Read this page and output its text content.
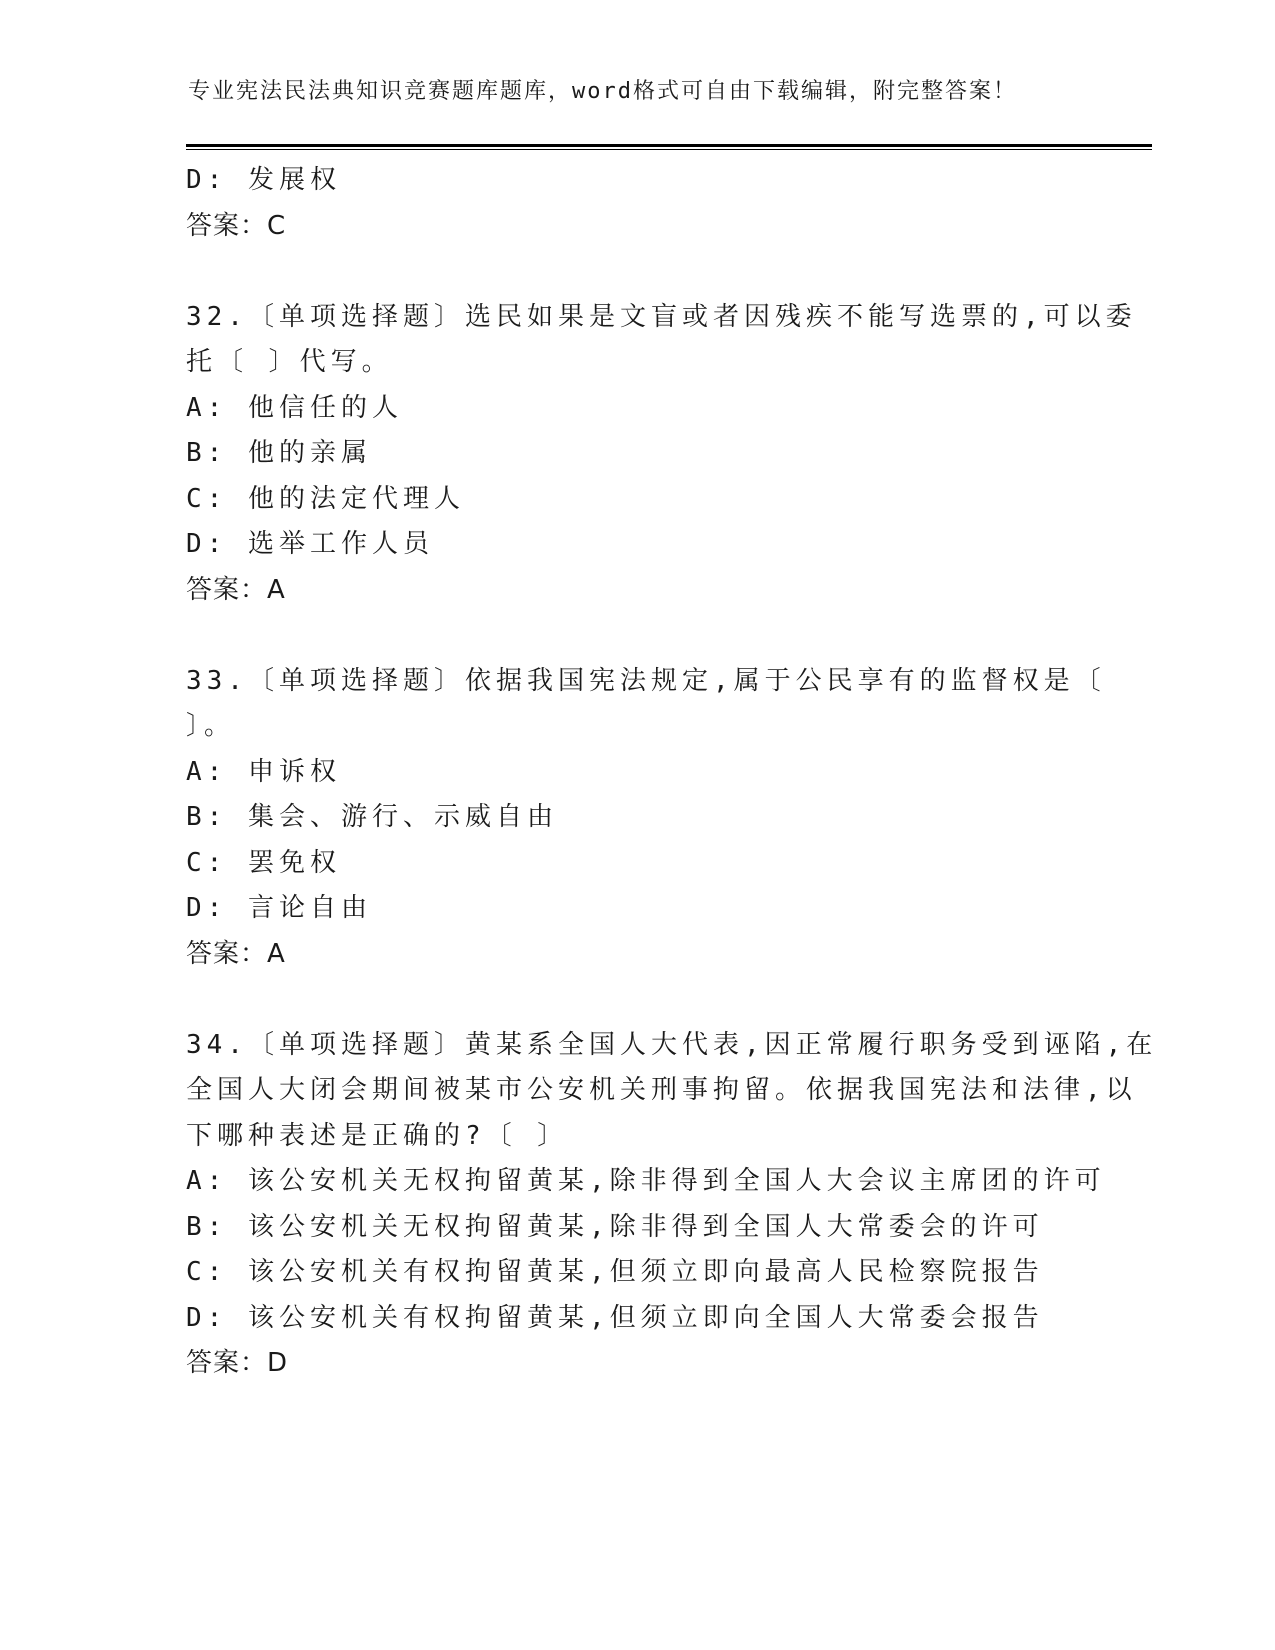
专业宪法民法典知识竞赛题库题库，word格式可自由下载编辑，附完整答案！
D: 发展权
答案：C
32.〔单项选择题〕选民如果是文盲或者因残疾不能写选票的,可以委
托〔 〕代写。
A: 他信任的人
B: 他的亲属
C: 他的法定代理人
D: 选举工作人员
答案：A
33.〔单项选择题〕依据我国宪法规定,属于公民享有的监督权是〔
〕。
A: 申诉权
B: 集会、游行、示威自由
C: 罢免权
D: 言论自由
答案：A
34.〔单项选择题〕黄某系全国人大代表,因正常履行职务受到诬陷,在
全国人大闭会期间被某市公安机关刑事拘留。依据我国宪法和法律,以
下哪种表述是正确的?〔 〕
A: 该公安机关无权拘留黄某,除非得到全国人大会议主席团的许可
B: 该公安机关无权拘留黄某,除非得到全国人大常委会的许可
C: 该公安机关有权拘留黄某,但须立即向最高人民检察院报告
D: 该公安机关有权拘留黄某,但须立即向全国人大常委会报告
答案：D
